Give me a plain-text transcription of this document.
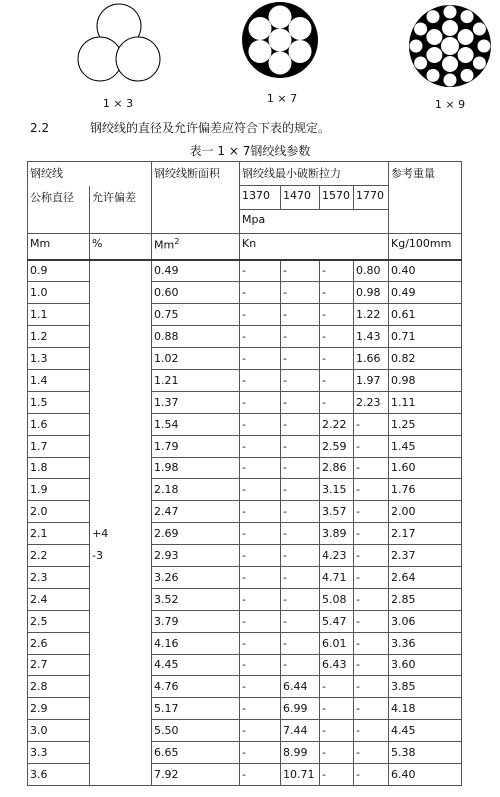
1 × 3	1 × 7	1 × 9
2.2	钢绞线的直径及允许偏差应符合下表的规定。
表一 1 × 7钢绞线参数
钢绞线		钢绞线断面积	钢绞线最小破断拉力				参考重量
公称直径	允许偏差		1370	1470	1570	1770	
			Mpa				
Mm	%	Mm$^2$	Kn				Kg/100mm
0.9		0.49	-	-	-	0.80	0.40
1.0		0.60	-	-	-	0.98	0.49
1.1		0.75	-	-	-	1.22	0.61
1.2		0.88	-	-	-	1.43	0.71
1.3		1.02	-	-	-	1.66	0.82
1.4		1.21	-	-	-	1.97	0.98
1.5		1.37	-	-	-	2.23	1.11
1.6		1.54	-	-	2.22	-	1.25
1.7		1.79	-	-	2.59	-	1.45
1.8		1.98	-	-	2.86	-	1.60
1.9		2.18	-	-	3.15	-	1.76
2.0		2.47	-	-	3.57	-	2.00
2.1	+4	2.69	-	-	3.89	-	2.17
2.2	-3	2.93	-	-	4.23	-	2.37
2.3		3.26	-	-	4.71	-	2.64
2.4		3.52	-	-	5.08	-	2.85
2.5		3.79	-	-	5.47	-	3.06
2.6		4.16	-	-	6.01	-	3.36
2.7		4.45	-	-	6.43	-	3.60
2.8		4.76	-	6.44	-	-	3.85
2.9		5.17	-	6.99	-	-	4.18
3.0		5.50	-	7.44	-	-	4.45
3.3		6.65	-	8.99	-	-	5.38
3.6		7.92	-	10.71	-	-	6.40
